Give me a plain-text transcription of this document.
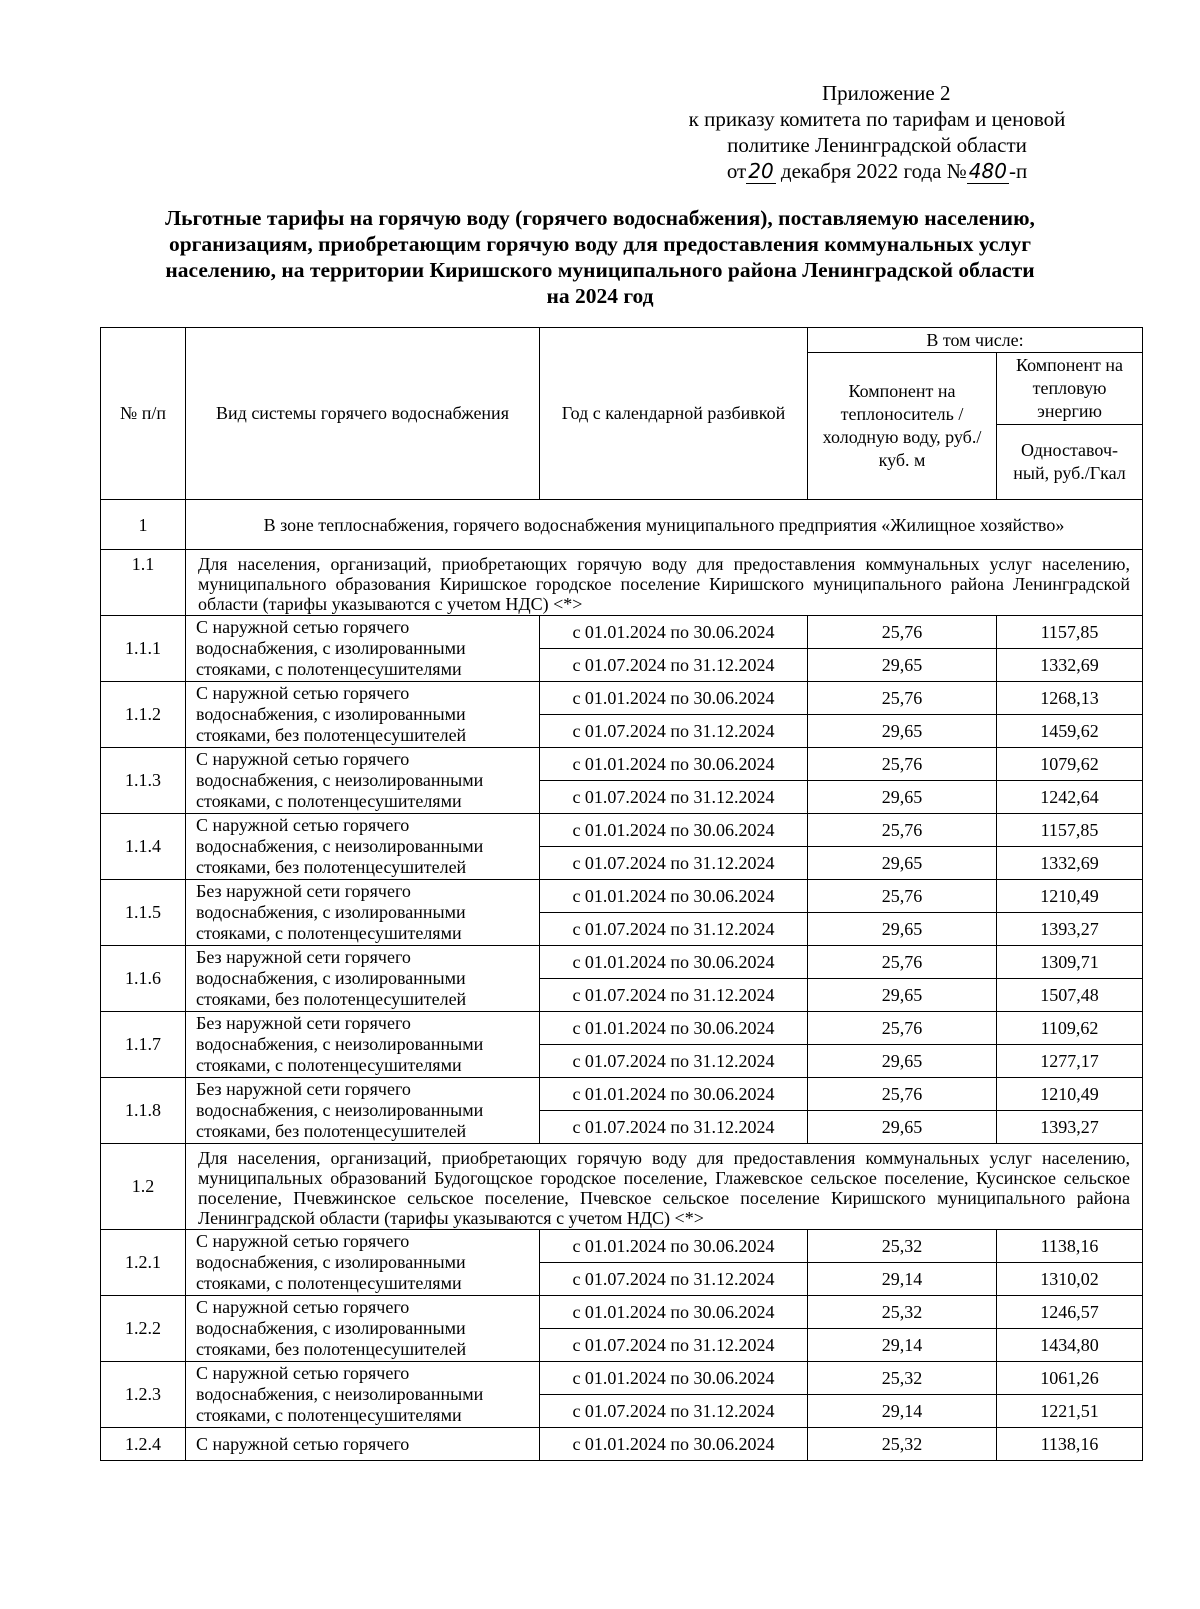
Приложение 2
к приказу комитета по тарифам и ценовой
политике Ленинградской области
от 20 декабря 2022 года № 480-п
Льготные тарифы на горячую воду (горячего водоснабжения), поставляемую населению,
организациям, приобретающим горячую воду для предоставления коммунальных услуг
населению, на территории Киришского муниципального района Ленинградской области
на 2024 год
№ п/п	Вид системы горячего водоснабжения	Год с календарной разбивкой	В том числе:	
			Компонент на теплоноситель /холодную воду, руб./куб. м	Компонент на тепловую энергию
				Одноставоч-ный, руб./Гкал
1	В зоне теплоснабжения, горячего водоснабжения муниципального предприятия «Жилищное хозяйство»			
1.1	Для населения, организаций, приобретающих горячую воду для предоставления коммунальных услуг населению, муниципального образования Киришское городское поселение Киришского муниципального района Ленинградской области (тарифы указываются с учетом НДС) <*>			
1.1.1	С наружной сетью горячего водоснабжения, с изолированными стояками, с полотенцесушителями	с 01.01.2024 по 30.06.2024	25,76	1157,85
		с 01.07.2024 по 31.12.2024	29,65	1332,69
1.1.2	С наружной сетью горячего водоснабжения, с изолированными стояками, без полотенцесушителей	с 01.01.2024 по 30.06.2024	25,76	1268,13
		с 01.07.2024 по 31.12.2024	29,65	1459,62
1.1.3	С наружной сетью горячего водоснабжения, с неизолированными стояками, с полотенцесушителями	с 01.01.2024 по 30.06.2024	25,76	1079,62
		с 01.07.2024 по 31.12.2024	29,65	1242,64
1.1.4	С наружной сетью горячего водоснабжения, с неизолированными стояками, без полотенцесушителей	с 01.01.2024 по 30.06.2024	25,76	1157,85
		с 01.07.2024 по 31.12.2024	29,65	1332,69
1.1.5	Без наружной сети горячего водоснабжения, с изолированными стояками, с полотенцесушителями	с 01.01.2024 по 30.06.2024	25,76	1210,49
		с 01.07.2024 по 31.12.2024	29,65	1393,27
1.1.6	Без наружной сети горячего водоснабжения, с изолированными стояками, без полотенцесушителей	с 01.01.2024 по 30.06.2024	25,76	1309,71
		с 01.07.2024 по 31.12.2024	29,65	1507,48
1.1.7	Без наружной сети горячего водоснабжения, с неизолированными стояками, с полотенцесушителями	с 01.01.2024 по 30.06.2024	25,76	1109,62
		с 01.07.2024 по 31.12.2024	29,65	1277,17
1.1.8	Без наружной сети горячего водоснабжения, с неизолированными стояками, без полотенцесушителей	с 01.01.2024 по 30.06.2024	25,76	1210,49
		с 01.07.2024 по 31.12.2024	29,65	1393,27
1.2	Для населения, организаций, приобретающих горячую воду для предоставления коммунальных услуг населению, муниципальных образований Будогощское городское поселение, Глажевское сельское поселение, Кусинское сельское поселение, Пчевжинское сельское поселение, Пчевское сельское поселение Киришского муниципального района Ленинградской области (тарифы указываются с учетом НДС) <*>			
1.2.1	С наружной сетью горячего водоснабжения, с изолированными стояками, с полотенцесушителями	с 01.01.2024 по 30.06.2024	25,32	1138,16
		с 01.07.2024 по 31.12.2024	29,14	1310,02
1.2.2	С наружной сетью горячего водоснабжения, с изолированными стояками, без полотенцесушителей	с 01.01.2024 по 30.06.2024	25,32	1246,57
		с 01.07.2024 по 31.12.2024	29,14	1434,80
1.2.3	С наружной сетью горячего водоснабжения, с неизолированными стояками, с полотенцесушителями	с 01.01.2024 по 30.06.2024	25,32	1061,26
		с 01.07.2024 по 31.12.2024	29,14	1221,51
1.2.4	С наружной сетью горячего	с 01.01.2024 по 30.06.2024	25,32	1138,16
